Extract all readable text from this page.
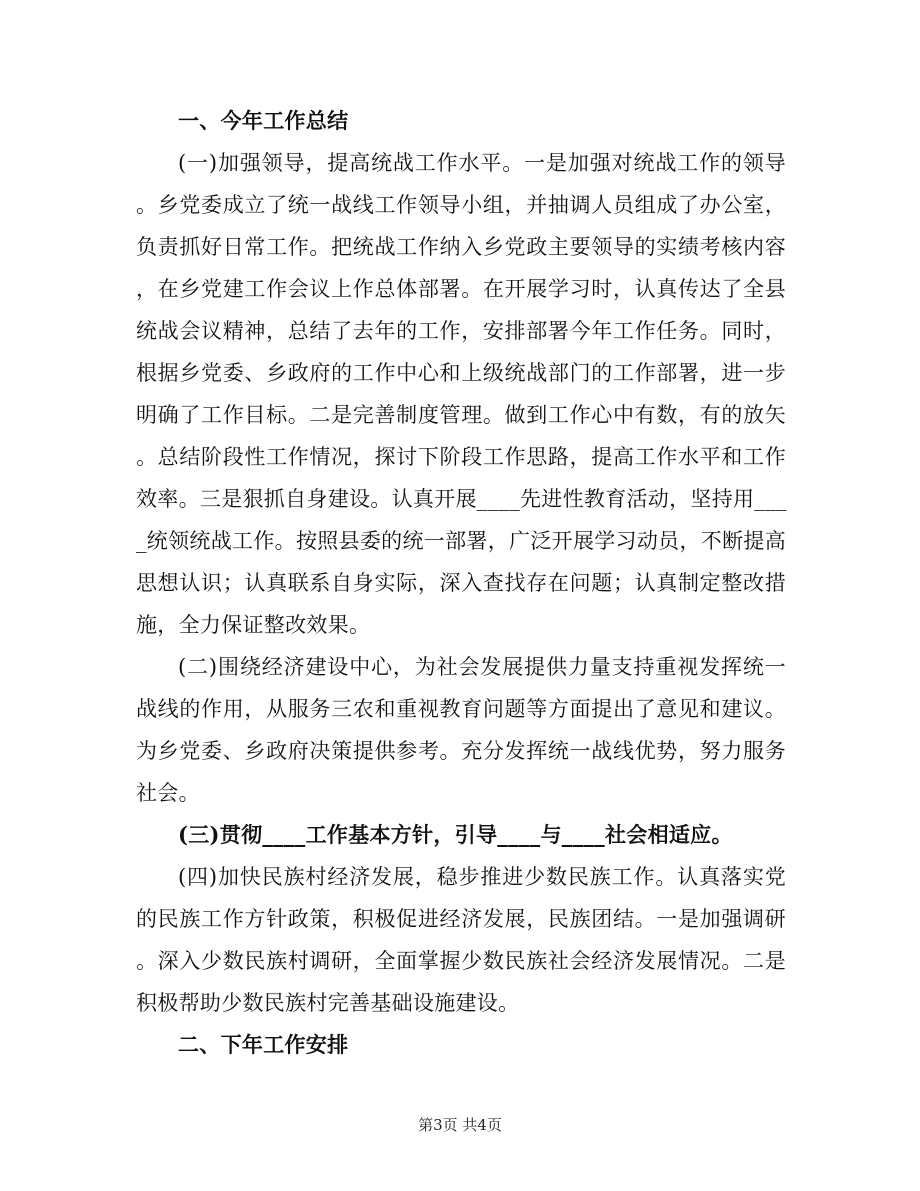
一、今年工作总结
(一)加强领导，提高统战工作水平。一是加强对统战工作的领导
。乡党委成立了统一战线工作领导小组，并抽调人员组成了办公室，
负责抓好日常工作。把统战工作纳入乡党政主要领导的实绩考核内容
，在乡党建工作会议上作总体部署。在开展学习时，认真传达了全县
统战会议精神，总结了去年的工作，安排部署今年工作任务。同时，
根据乡党委、乡政府的工作中心和上级统战部门的工作部署，进一步
明确了工作目标。二是完善制度管理。做到工作心中有数，有的放矢
。总结阶段性工作情况，探讨下阶段工作思路，提高工作水平和工作
效率。三是狠抓自身建设。认真开展____先进性教育活动，坚持用___
_统领统战工作。按照县委的统一部署，广泛开展学习动员，不断提高
思想认识；认真联系自身实际，深入查找存在问题；认真制定整改措
施，全力保证整改效果。
(二)围绕经济建设中心，为社会发展提供力量支持重视发挥统一
战线的作用，从服务三农和重视教育问题等方面提出了意见和建议。
为乡党委、乡政府决策提供参考。充分发挥统一战线优势，努力服务
社会。
(三)贯彻____工作基本方针，引导____与____社会相适应。
(四)加快民族村经济发展，稳步推进少数民族工作。认真落实党
的民族工作方针政策，积极促进经济发展，民族团结。一是加强调研
。深入少数民族村调研，全面掌握少数民族社会经济发展情况。二是
积极帮助少数民族村完善基础设施建设。
二、下年工作安排
第3页 共4页
